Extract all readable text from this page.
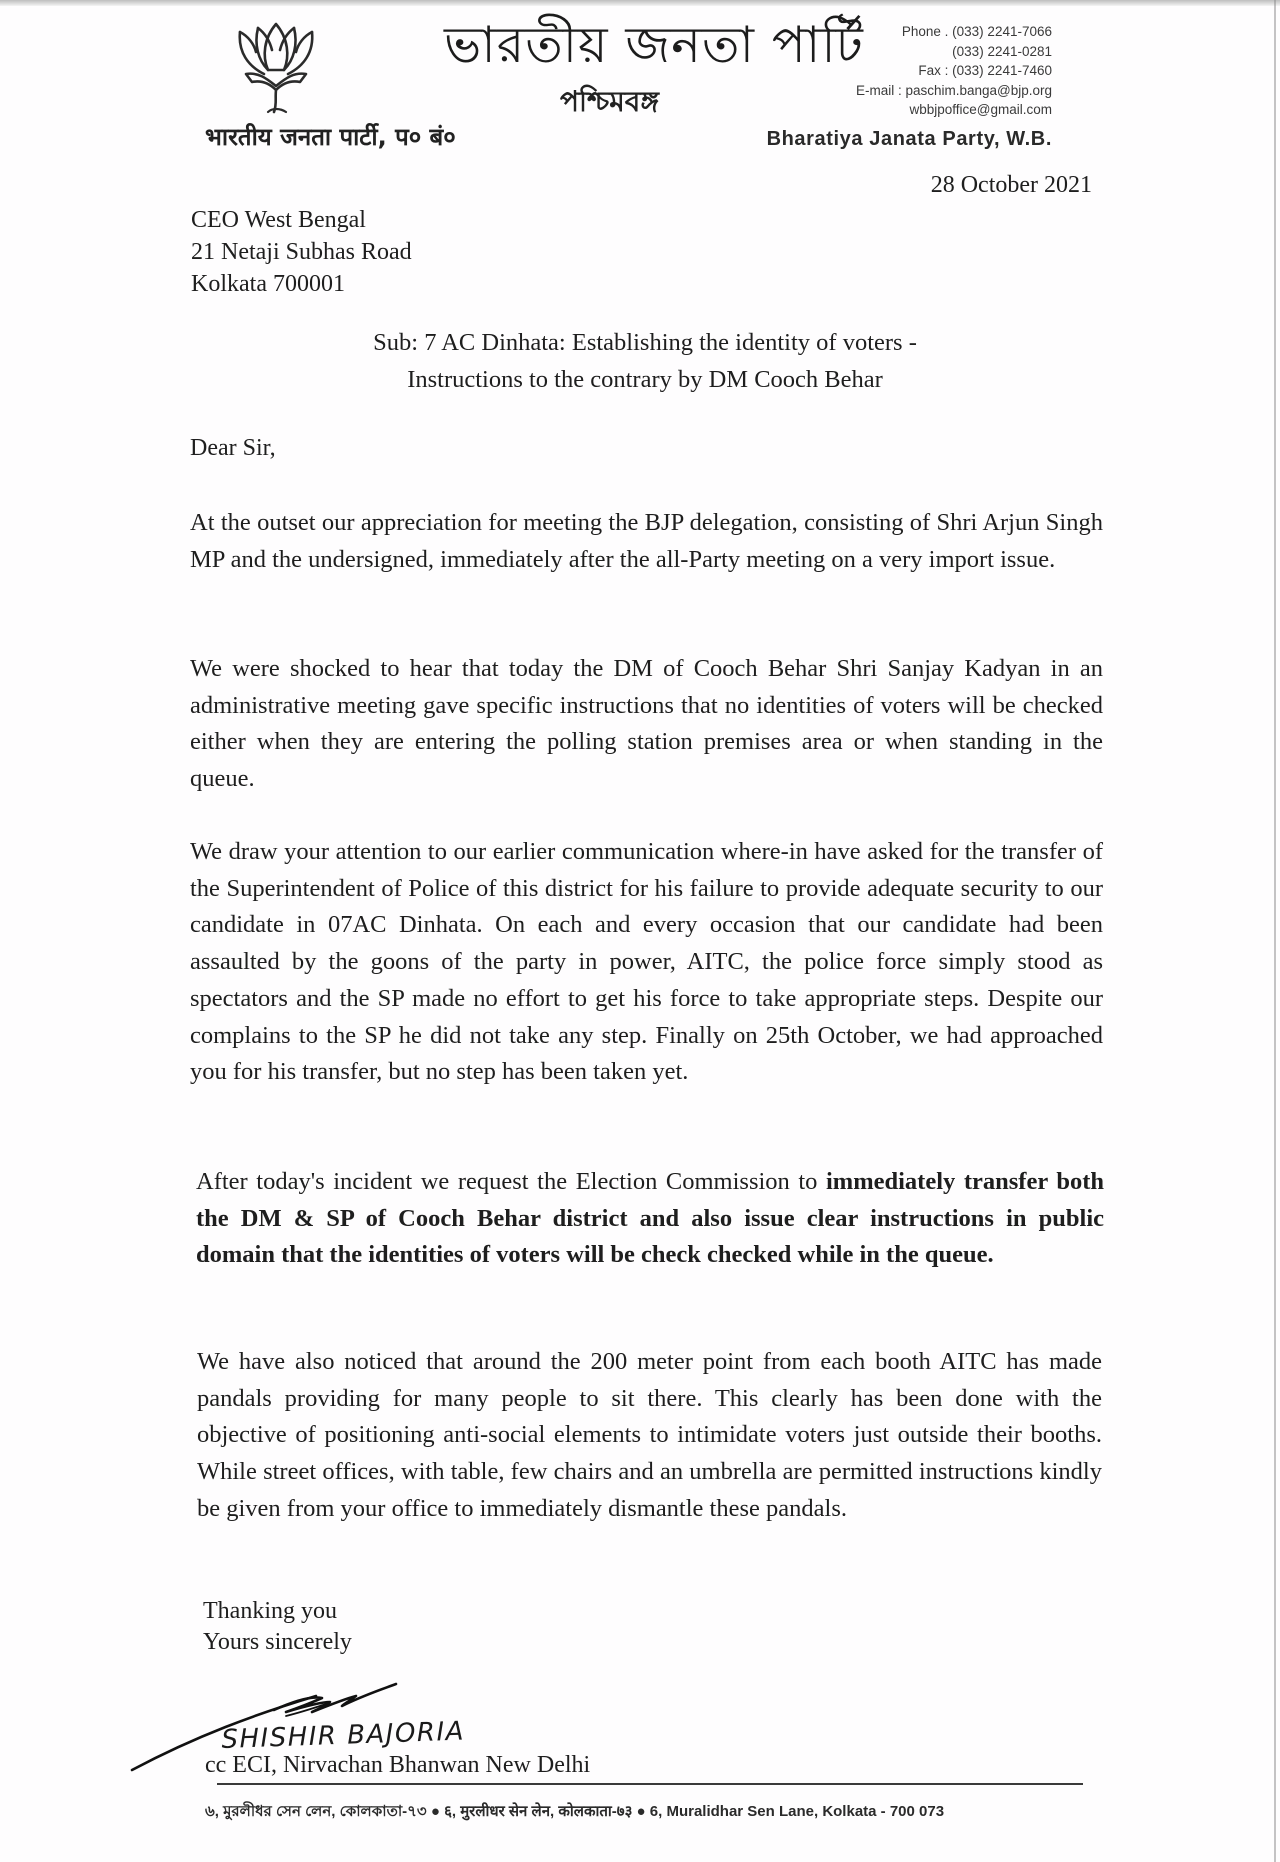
ভারতীয় জনতা পার্টি
পশ্চিমবঙ্গ
भारतीय जनता पार्टी, प० बं०
Phone . (033) 2241-7066
(033) 2241-0281
Fax : (033) 2241-7460
E-mail : paschim.banga@bjp.org
wbbjpoffice@gmail.com
Bharatiya Janata Party, W.B.
28 October 2021
CEO West Bengal
21 Netaji Subhas Road
Kolkata 700001
Sub: 7 AC Dinhata: Establishing the identity of voters -
Instructions to the contrary by DM Cooch Behar
Dear Sir,

At the outset our appreciation for meeting the BJP delegation, consisting of Shri Arjun Singh MP and the undersigned, immediately after the all-Party meeting on a very import issue.

We were shocked to hear that today the DM of Cooch Behar Shri Sanjay Kadyan in an administrative meeting gave specific instructions that no identities of voters will be checked either when they are entering the polling station premises area or when standing in the queue.

We draw your attention to our earlier communication where-in have asked for the transfer of the Superintendent of Police of this district for his failure to provide adequate security to our candidate in 07AC Dinhata. On each and every occasion that our candidate had been assaulted by the goons of the party in power, AITC, the police force simply stood as spectators and the SP made no effort to get his force to take appropriate steps. Despite our complains to the SP he did not take any step. Finally on 25th October, we had approached you for his transfer, but no step has been taken yet.

After today's incident we request the Election Commission to immediately transfer both the DM & SP of Cooch Behar district and also issue clear instructions in public domain that the identities of voters will be check checked while in the queue.

We have also noticed that around the 200 meter point from each booth AITC has made pandals providing for many people to sit there. This clearly has been done with the objective of positioning anti-social elements to intimidate voters just outside their booths. While street offices, with table, few chairs and an umbrella are permitted instructions kindly be given from your office to immediately dismantle these pandals.

Thanking you
Yours sincerely
SHISHIR BAJORIA
cc ECI, Nirvachan Bhanwan New Delhi
৬, মুরলীধর সেন লেন, কোলকাতা-৭৩ ● ६, मुरलीधर सेन लेन, कोलकाता-७३ ● 6, Muralidhar Sen Lane, Kolkata - 700 073
